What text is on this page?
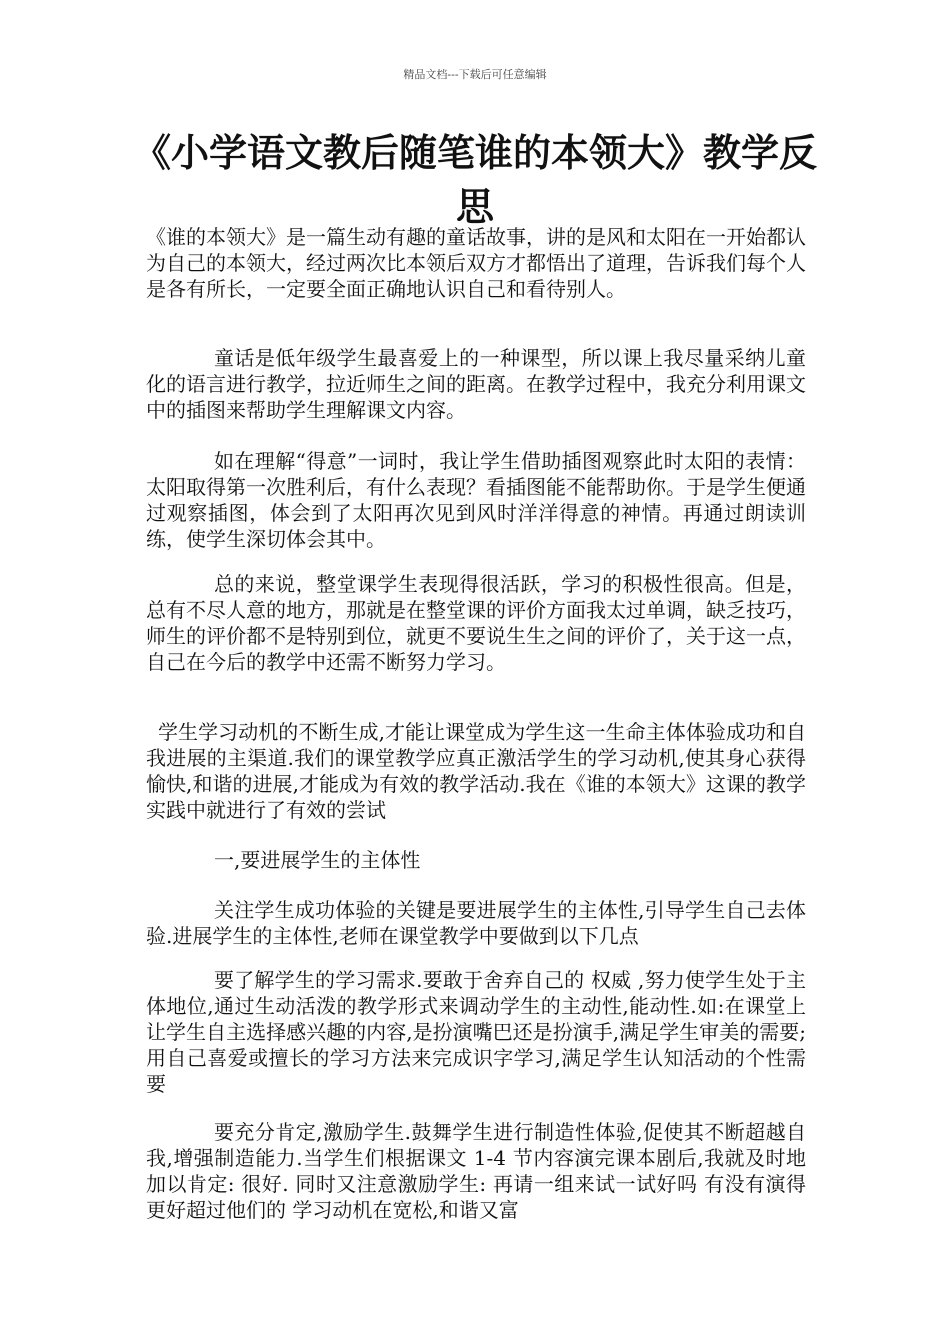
精品文档---下载后可任意编辑
《小学语文教后随笔谁的本领大》教学反思

《谁的本领大》是一篇生动有趣的童话故事，讲的是风和太阳在一开始都认为自己的本领大，经过两次比本领后双方才都悟出了道理，告诉我们每个人是各有所长，一定要全面正确地认识自己和看待别人。

童话是低年级学生最喜爱上的一种课型，所以课上我尽量采纳儿童化的语言进行教学，拉近师生之间的距离。在教学过程中，我充分利用课文中的插图来帮助学生理解课文内容。

如在理解“得意”一词时，我让学生借助插图观察此时太阳的表情：太阳取得第一次胜利后，有什么表现？看插图能不能帮助你。于是学生便通过观察插图，体会到了太阳再次见到风时洋洋得意的神情。再通过朗读训练，使学生深切体会其中。

总的来说，整堂课学生表现得很活跃，学习的积极性很高。但是，总有不尽人意的地方，那就是在整堂课的评价方面我太过单调，缺乏技巧，师生的评价都不是特别到位，就更不要说生生之间的评价了，关于这一点，自己在今后的教学中还需不断努力学习。

学生学习动机的不断生成,才能让课堂成为学生这一生命主体体验成功和自我进展的主渠道.我们的课堂教学应真正激活学生的学习动机,使其身心获得愉快,和谐的进展,才能成为有效的教学活动.我在《谁的本领大》这课的教学实践中就进行了有效的尝试

一,要进展学生的主体性

关注学生成功体验的关键是要进展学生的主体性,引导学生自己去体验.进展学生的主体性,老师在课堂教学中要做到以下几点

要了解学生的学习需求.要敢于舍弃自己的 权威 ,努力使学生处于主体地位,通过生动活泼的教学形式来调动学生的主动性,能动性.如:在课堂上让学生自主选择感兴趣的内容,是扮演嘴巴还是扮演手,满足学生审美的需要;用自己喜爱或擅长的学习方法来完成识字学习,满足学生认知活动的个性需要

要充分肯定,激励学生.鼓舞学生进行制造性体验,促使其不断超越自我,增强制造能力.当学生们根据课文 1-4 节内容演完课本剧后,我就及时地加以肯定: 很好. 同时又注意激励学生: 再请一组来试一试好吗 有没有演得更好超过他们的 学习动机在宽松,和谐又富
